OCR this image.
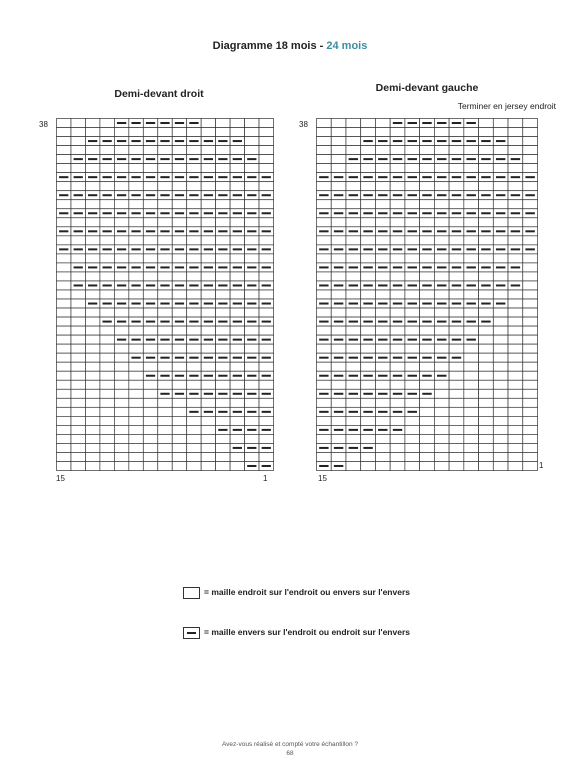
Diagramme 18 mois - 24 mois
Demi-devant droit
38
15	1
Demi-devant gauche
Terminer en jersey endroit
38
15
1
= maille endroit sur l'endroit ou envers sur l'envers
= maille envers sur l'endroit ou endroit sur l'envers
Avez-vous réalisé et compté votre échantillon ?
68
